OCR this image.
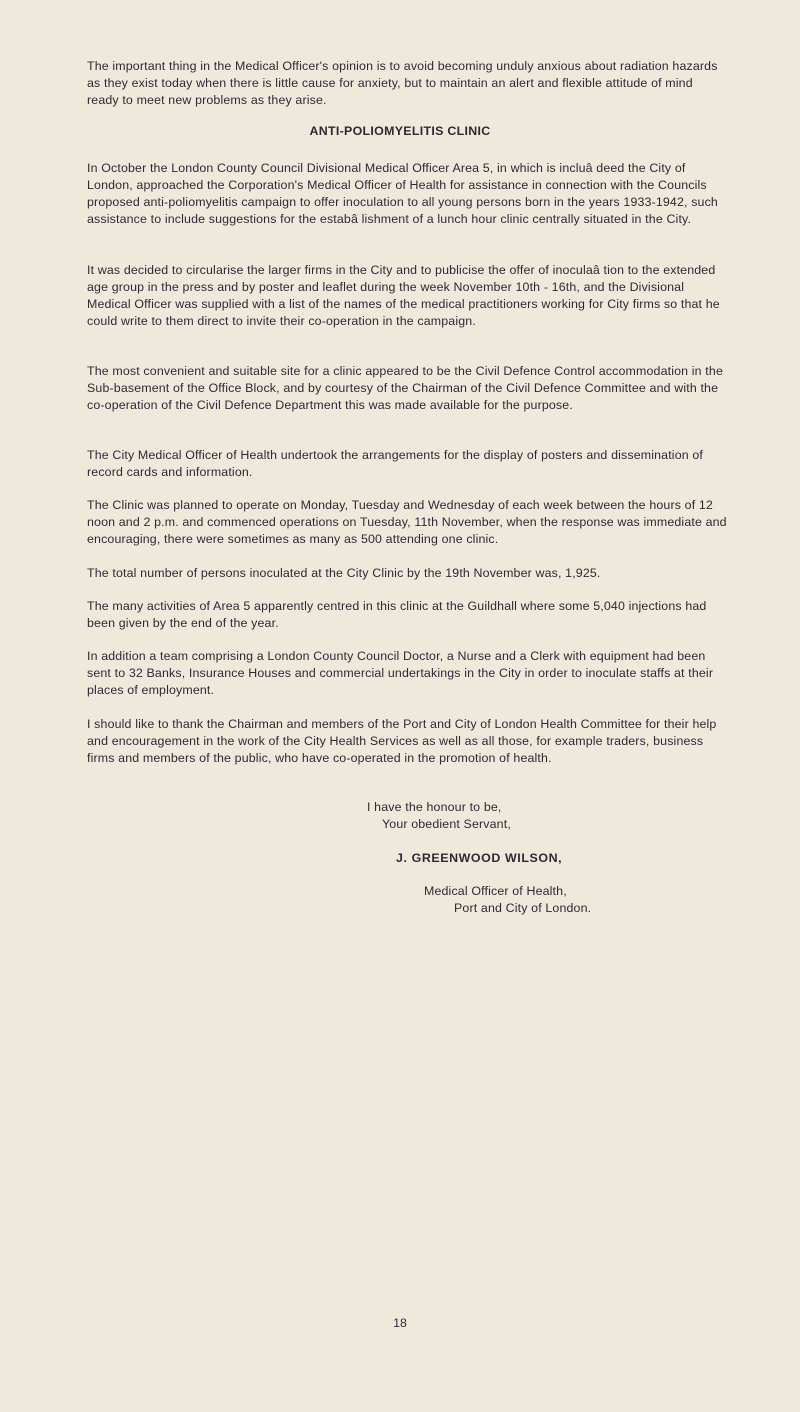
The important thing in the Medical Officer's opinion is to avoid becoming unduly anxious about radiation hazards as they exist today when there is little cause for anxiety, but to maintain an alert and flexible attitude of mind ready to meet new problems as they arise.

ANTI-POLIOMYELITIS CLINIC

In October the London County Council Divisional Medical Officer Area 5, in which is incluâ deed the City of London, approached the Corporation's Medical Officer of Health for assistance in connection with the Councils proposed anti-poliomyelitis campaign to offer inoculation to all young persons born in the years 1933-1942, such assistance to include suggestions for the estabâ lishment of a lunch hour clinic centrally situated in the City.

It was decided to circularise the larger firms in the City and to publicise the offer of inoculaâ tion to the extended age group in the press and by poster and leaflet during the week November 10th - 16th, and the Divisional Medical Officer was supplied with a list of the names of the medical practitioners working for City firms so that he could write to them direct to invite their co-operation in the campaign.

The most convenient and suitable site for a clinic appeared to be the Civil Defence Control accommodation in the Sub-basement of the Office Block, and by courtesy of the Chairman of the Civil Defence Committee and with the co-operation of the Civil Defence Department this was made available for the purpose.

The City Medical Officer of Health undertook the arrangements for the display of posters and dissemination of record cards and information.

The Clinic was planned to operate on Monday, Tuesday and Wednesday of each week between the hours of 12 noon and 2 p.m. and commenced operations on Tuesday, 11th November, when the response was immediate and encouraging, there were sometimes as many as 500 attending one clinic.

The total number of persons inoculated at the City Clinic by the 19th November was, 1,925.

The many activities of Area 5 apparently centred in this clinic at the Guildhall where some 5,040 injections had been given by the end of the year.

In addition a team comprising a London County Council Doctor, a Nurse and a Clerk with equipment had been sent to 32 Banks, Insurance Houses and commercial undertakings in the City in order to inoculate staffs at their places of employment.

I should like to thank the Chairman and members of the Port and City of London Health Committee for their help and encouragement in the work of the City Health Services as well as all those, for example traders, business firms and members of the public, who have co-operated in the promotion of health.

I have the honour to be,

Your obedient Servant,

J. GREENWOOD WILSON,

Medical Officer of Health,

Port and City of London.

18
